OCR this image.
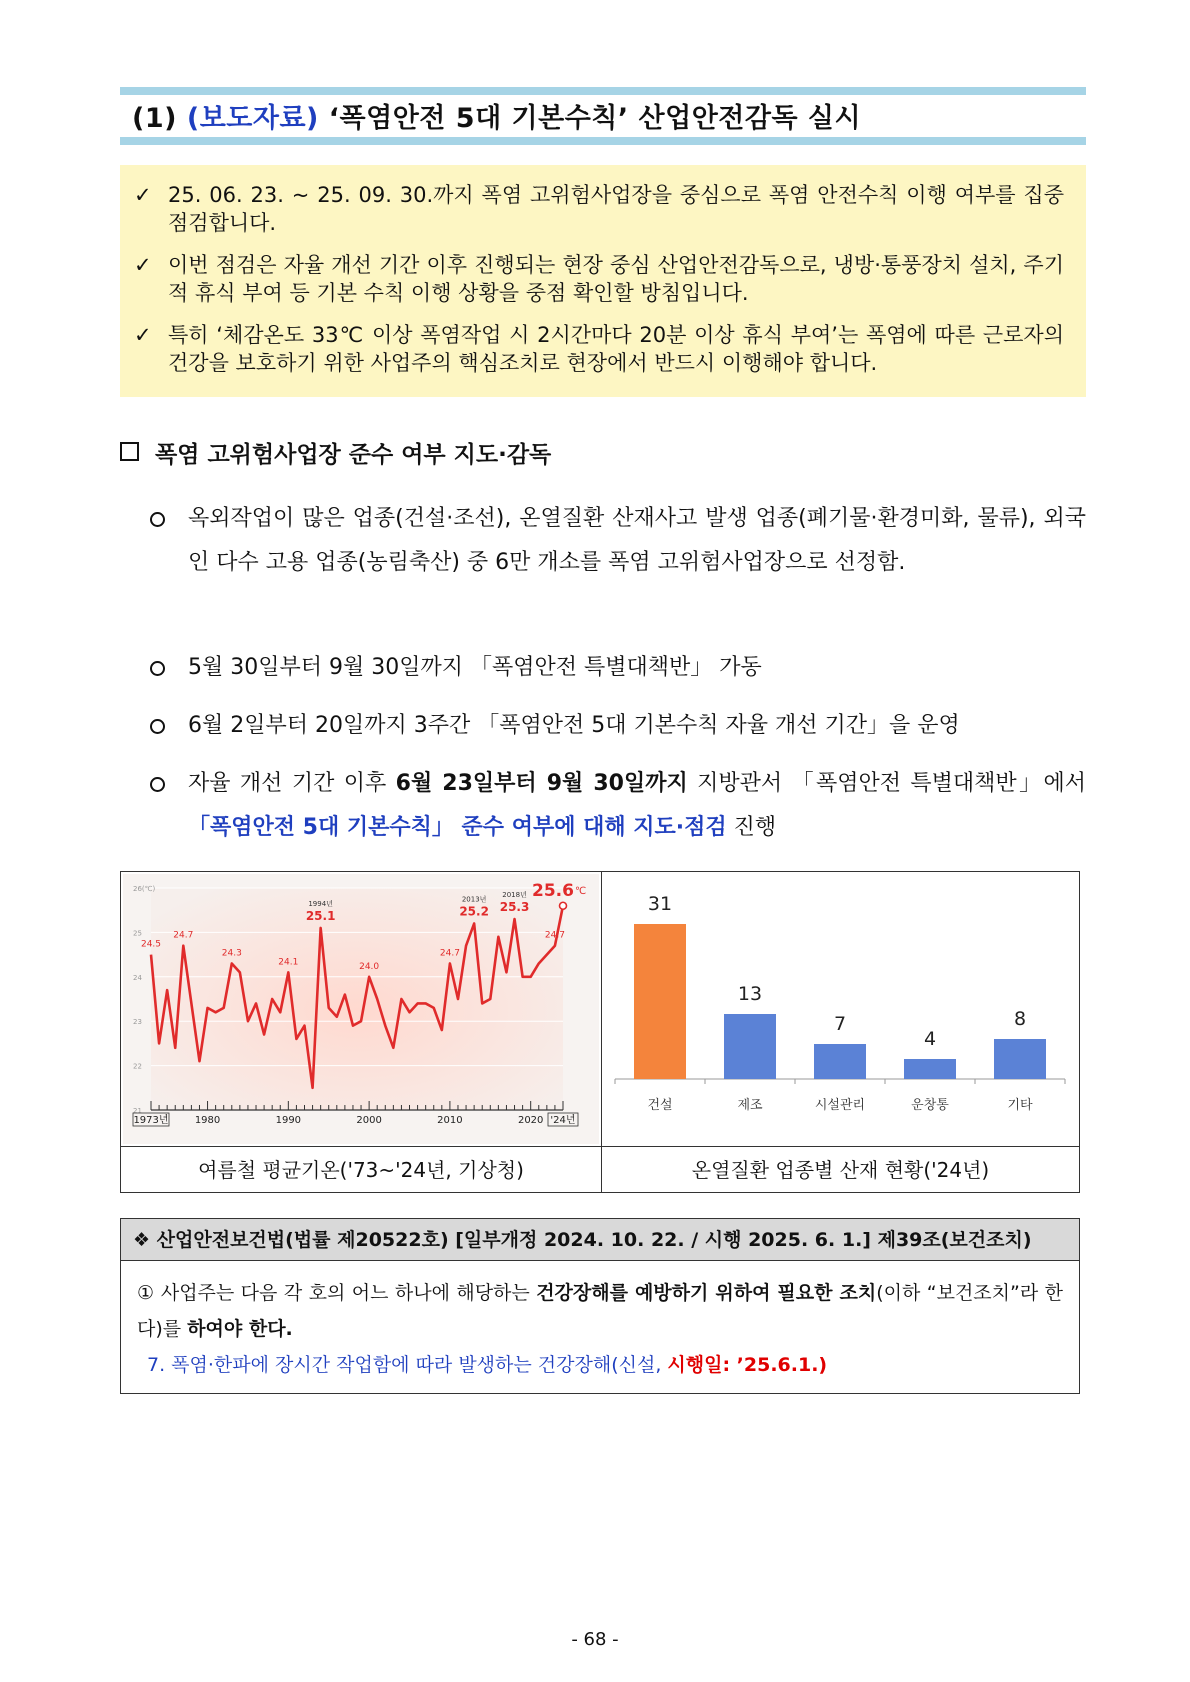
(1) (보도자료) ‘폭염안전 5대 기본수칙’ 산업안전감독 실시
✓ 25. 06. 23. ~ 25. 09. 30.까지 폭염 고위험사업장을 중심으로 폭염 안전수칙 이행 여부를 집중 점검합니다.
✓ 이번 점검은 자율 개선 기간 이후 진행되는 현장 중심 산업안전감독으로, 냉방·통풍장치 설치, 주기적 휴식 부여 등 기본 수칙 이행 상황을 중점 확인할 방침입니다.
✓ 특히 ‘체감온도 33℃ 이상 폭염작업 시 2시간마다 20분 이상 휴식 부여’는 폭염에 따른 근로자의 건강을 보호하기 위한 사업주의 핵심조치로 현장에서 반드시 이행해야 합니다.
폭염 고위험사업장 준수 여부 지도·감독
옥외작업이 많은 업종(건설·조선), 온열질환 산재사고 발생 업종(폐기물·환경미화, 물류), 외국인 다수 고용 업종(농림축산) 중 6만 개소를 폭염 고위험사업장으로 선정함.
5월 30일부터 9월 30일까지 「폭염안전 특별대책반」 가동
6월 2일부터 20일까지 3주간 「폭염안전 5대 기본수칙 자율 개선 기간」을 운영
자율 개선 기간 이후 6월 23일부터 9월 30일까지 지방관서 「폭염안전 특별대책반」에서 「폭염안전 5대 기본수칙」 준수 여부에 대해 지도·점검 진행
21
22
23
24
25
26(℃)
1973년	1980	1990	2000	2010	2020 '24년
24.5
24.7
24.3
24.1
25.1
1994년
24.0
24.7
25.2
2013년
25.3
2018년
24.7
25.6 ℃
31
건설
13
제조
7
시설관리
4
운창통
8
기타
여름철 평균기온('73~'24년, 기상청)	온열질환 업종별 산재 현황('24년)
❖ 산업안전보건법(법률 제20522호) [일부개정 2024. 10. 22. / 시행 2025. 6. 1.] 제39조(보건조치)
① 사업주는 다음 각 호의 어느 하나에 해당하는 건강장해를 예방하기 위하여 필요한 조치(이하 “보건조치”라 한다)를 하여야 한다.
7. 폭염·한파에 장시간 작업함에 따라 발생하는 건강장해(신설, 시행일: ’25.6.1.)
- 68 -
